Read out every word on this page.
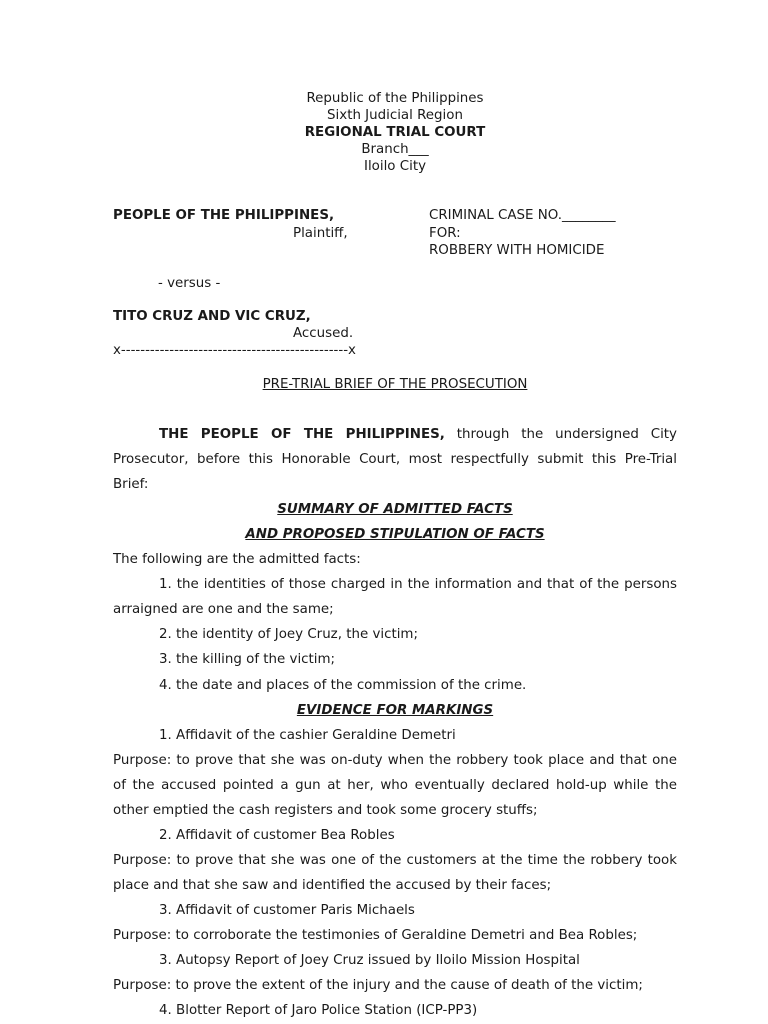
Republic of the Philippines
Sixth Judicial Region
REGIONAL TRIAL COURT
Branch___
Iloilo City
PEOPLE OF THE PHILIPPINES,
Plaintiff,
CRIMINAL CASE NO.________
FOR:
ROBBERY WITH HOMICIDE
- versus -
TITO CRUZ AND VIC CRUZ,
Accused.
x-----------------------------------------------x
PRE-TRIAL BRIEF OF THE PROSECUTION

THE PEOPLE OF THE PHILIPPINES, through the undersigned City Prosecutor, before this Honorable Court, most respectfully submit this Pre-Trial Brief:

SUMMARY OF ADMITTED FACTS
AND PROPOSED STIPULATION OF FACTS
The following are the admitted facts:

1. the identities of those charged in the information and that of the persons arraigned are one and the same;

2. the identity of Joey Cruz, the victim;
3. the killing of the victim;
4. the date and places of the commission of the crime.
EVIDENCE FOR MARKINGS
1. Affidavit of the cashier Geraldine Demetri

Purpose: to prove that she was on-duty when the robbery took place and that one of the accused pointed a gun at her, who eventually declared hold-up while the other emptied the cash registers and took some grocery stuffs;

2. Affidavit of customer Bea Robles

Purpose: to prove that she was one of the customers at the time the robbery took place and that she saw and identified the accused by their faces;

3. Affidavit of customer Paris Michaels
Purpose: to corroborate the testimonies of Geraldine Demetri and Bea Robles;
3. Autopsy Report of Joey Cruz issued by Iloilo Mission Hospital
Purpose: to prove the extent of the injury and the cause of death of the victim;
4. Blotter Report of Jaro Police Station (ICP-PP3)
